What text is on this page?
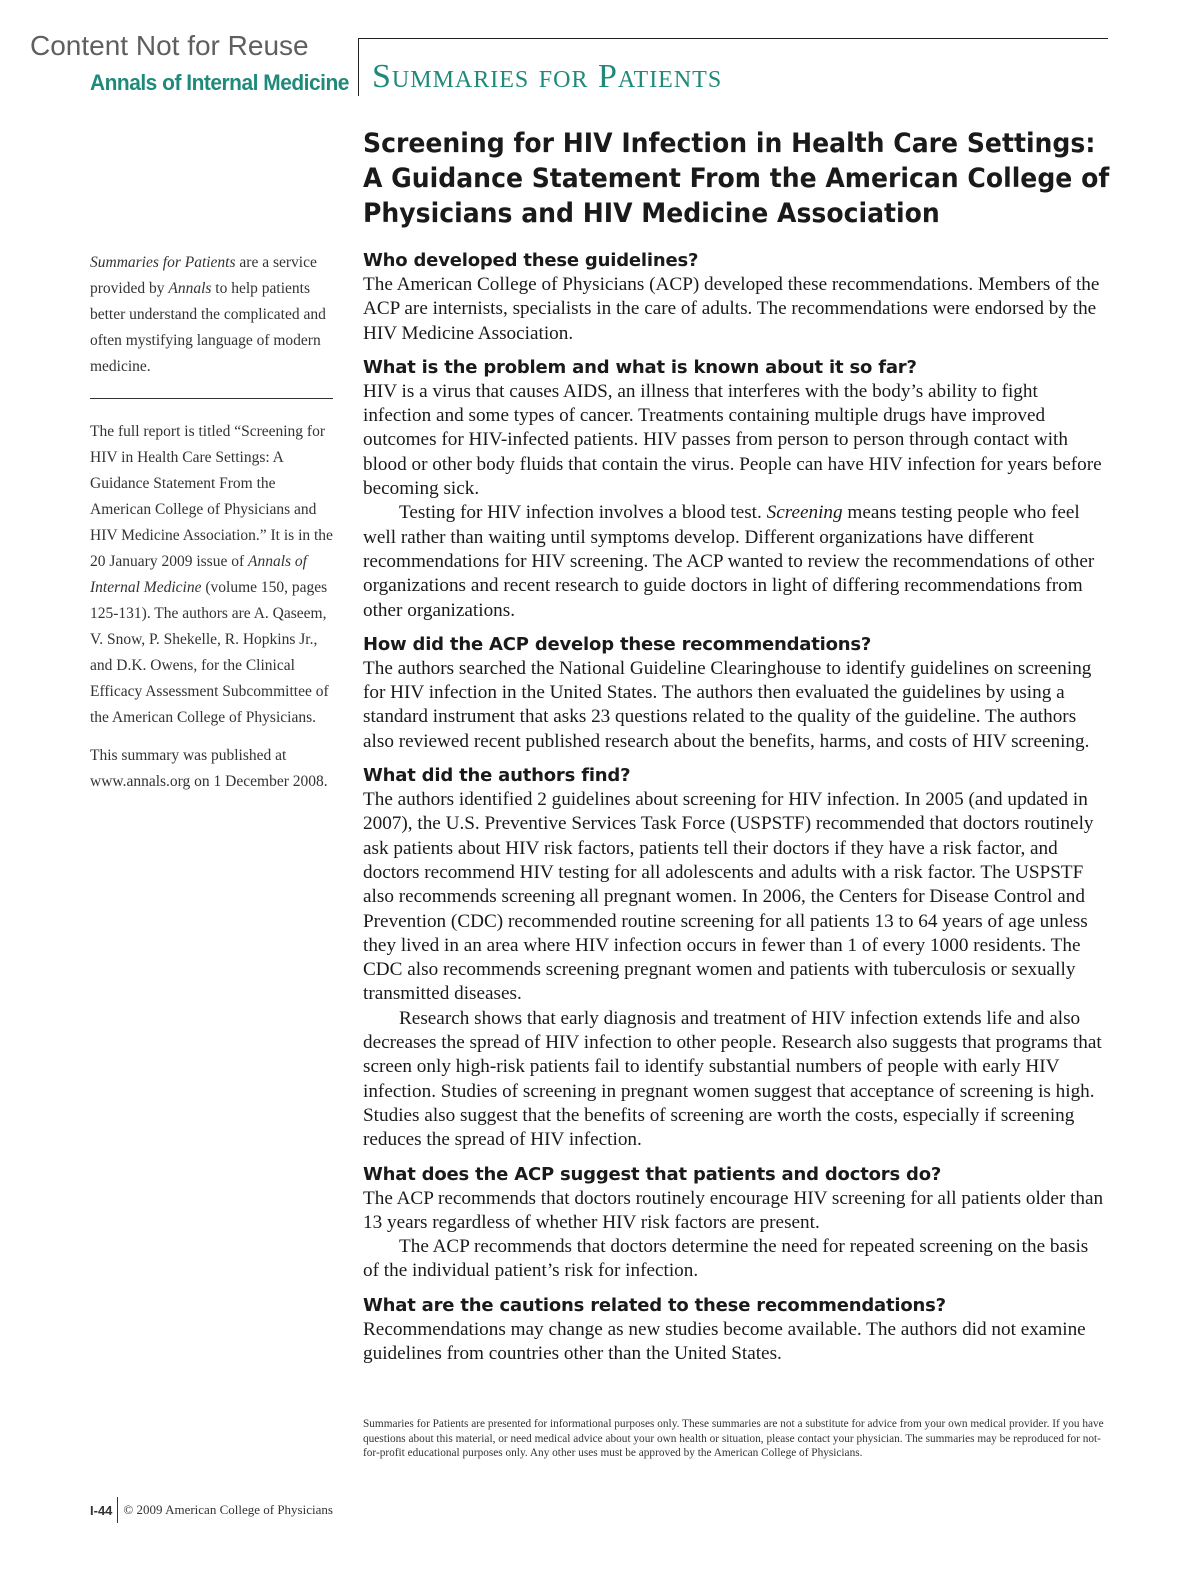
Content Not for Reuse
Annals of Internal Medicine Summaries for Patients
Screening for HIV Infection in Health Care Settings: A Guidance Statement From the American College of Physicians and HIV Medicine Association

Summaries for Patients are a service provided by Annals to help patients better understand the complicated and often mystifying language of modern medicine.

The full report is titled “Screening for HIV in Health Care Settings: A Guidance Statement From the American College of Physicians and HIV Medicine Association.” It is in the 20 January 2009 issue of Annals of Internal Medicine (volume 150, pages 125-131). The authors are A. Qaseem, V. Snow, P. Shekelle, R. Hopkins Jr., and D.K. Owens, for the Clinical Efficacy Assessment Subcommittee of the American College of Physicians.

This summary was published at www.annals.org on 1 December 2008.

Who developed these guidelines?

The American College of Physicians (ACP) developed these recommendations. Members of the ACP are internists, specialists in the care of adults. The recommendations were endorsed by the HIV Medicine Association.

What is the problem and what is known about it so far?

HIV is a virus that causes AIDS, an illness that interferes with the body’s ability to fight infection and some types of cancer. Treatments containing multiple drugs have improved outcomes for HIV-infected patients. HIV passes from person to person through contact with blood or other body fluids that contain the virus. People can have HIV infection for years before becoming sick.

Testing for HIV infection involves a blood test. Screening means testing people who feel well rather than waiting until symptoms develop. Different organizations have different recommendations for HIV screening. The ACP wanted to review the recommendations of other organizations and recent research to guide doctors in light of differing recommendations from other organizations.

How did the ACP develop these recommendations?

The authors searched the National Guideline Clearinghouse to identify guidelines on screening for HIV infection in the United States. The authors then evaluated the guidelines by using a standard instrument that asks 23 questions related to the quality of the guideline. The authors also reviewed recent published research about the benefits, harms, and costs of HIV screening.

What did the authors find?

The authors identified 2 guidelines about screening for HIV infection. In 2005 (and updated in 2007), the U.S. Preventive Services Task Force (USPSTF) recommended that doctors routinely ask patients about HIV risk factors, patients tell their doctors if they have a risk factor, and doctors recommend HIV testing for all adolescents and adults with a risk factor. The USPSTF also recommends screening all pregnant women. In 2006, the Centers for Disease Control and Prevention (CDC) recommended routine screening for all patients 13 to 64 years of age unless they lived in an area where HIV infection occurs in fewer than 1 of every 1000 residents. The CDC also recommends screening pregnant women and patients with tuberculosis or sexually transmitted diseases.

Research shows that early diagnosis and treatment of HIV infection extends life and also decreases the spread of HIV infection to other people. Research also suggests that programs that screen only high-risk patients fail to identify substantial numbers of people with early HIV infection. Studies of screening in pregnant women suggest that acceptance of screening is high. Studies also suggest that the benefits of screening are worth the costs, especially if screening reduces the spread of HIV infection.

What does the ACP suggest that patients and doctors do?

The ACP recommends that doctors routinely encourage HIV screening for all patients older than 13 years regardless of whether HIV risk factors are present.

The ACP recommends that doctors determine the need for repeated screening on the basis of the individual patient’s risk for infection.

What are the cautions related to these recommendations?

Recommendations may change as new studies become available. The authors did not examine guidelines from countries other than the United States.

Summaries for Patients are presented for informational purposes only. These summaries are not a substitute for advice from your own medical provider. If you have questions about this material, or need medical advice about your own health or situation, please contact your physician. The summaries may be reproduced for not-for-profit educational purposes only. Any other uses must be approved by the American College of Physicians.
I-44 © 2009 American College of Physicians
